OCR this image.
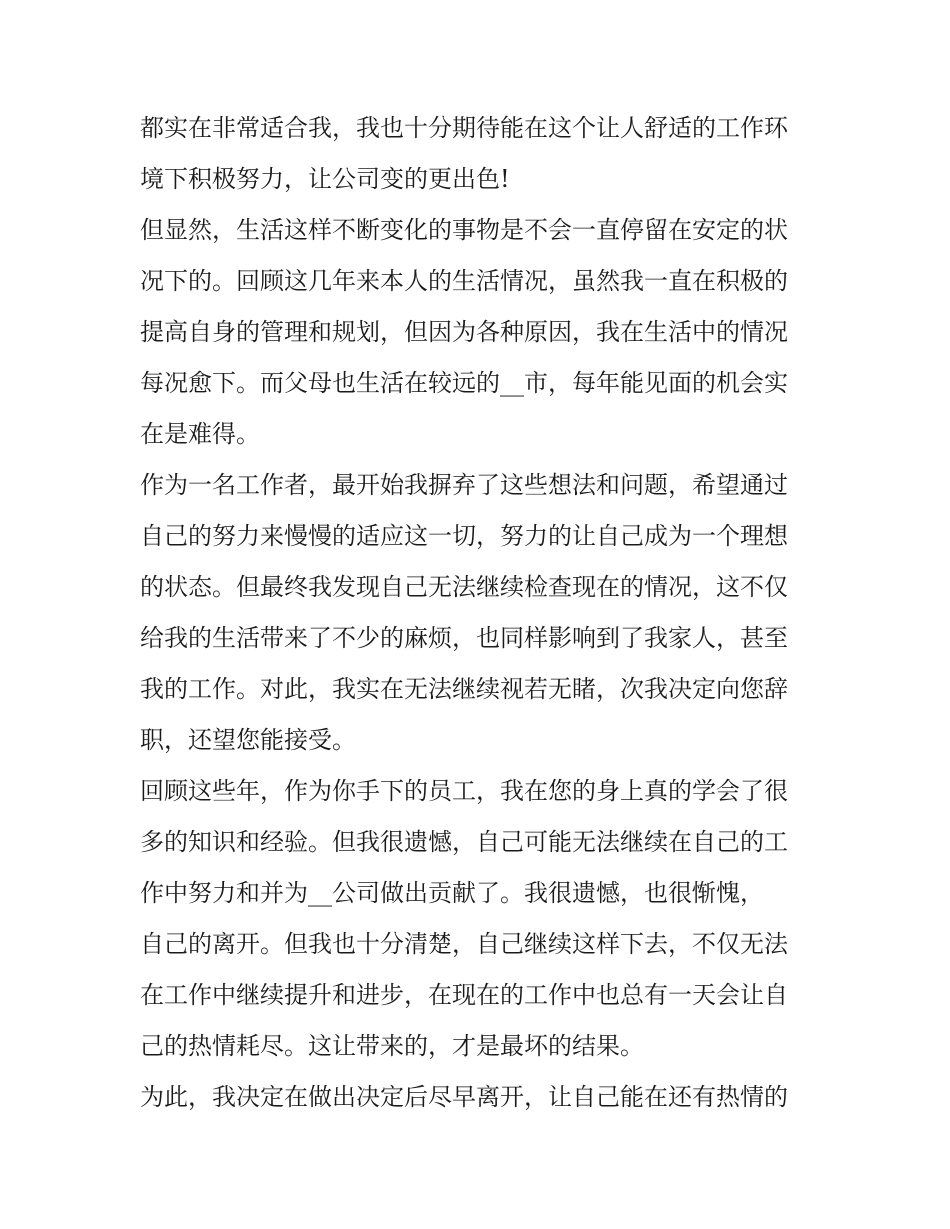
都实在非常适合我，我也十分期待能在这个让人舒适的工作环
境下积极努力，让公司变的更出色!
但显然，生活这样不断变化的事物是不会一直停留在安定的状
况下的。回顾这几年来本人的生活情况，虽然我一直在积极的
提高自身的管理和规划，但因为各种原因，我在生活中的情况
每况愈下。而父母也生活在较远的__市，每年能见面的机会实
在是难得。
作为一名工作者，最开始我摒弃了这些想法和问题，希望通过
自己的努力来慢慢的适应这一切，努力的让自己成为一个理想
的状态。但最终我发现自己无法继续检查现在的情况，这不仅
给我的生活带来了不少的麻烦，也同样影响到了我家人，甚至
我的工作。对此，我实在无法继续视若无睹，次我决定向您辞
职，还望您能接受。
回顾这些年，作为你手下的员工，我在您的身上真的学会了很
多的知识和经验。但我很遗憾，自己可能无法继续在自己的工
作中努力和并为__公司做出贡献了。我很遗憾，也很惭愧，
自己的离开。但我也十分清楚，自己继续这样下去，不仅无法
在工作中继续提升和进步，在现在的工作中也总有一天会让自
己的热情耗尽。这让带来的，才是最坏的结果。
为此，我决定在做出决定后尽早离开，让自己能在还有热情的
